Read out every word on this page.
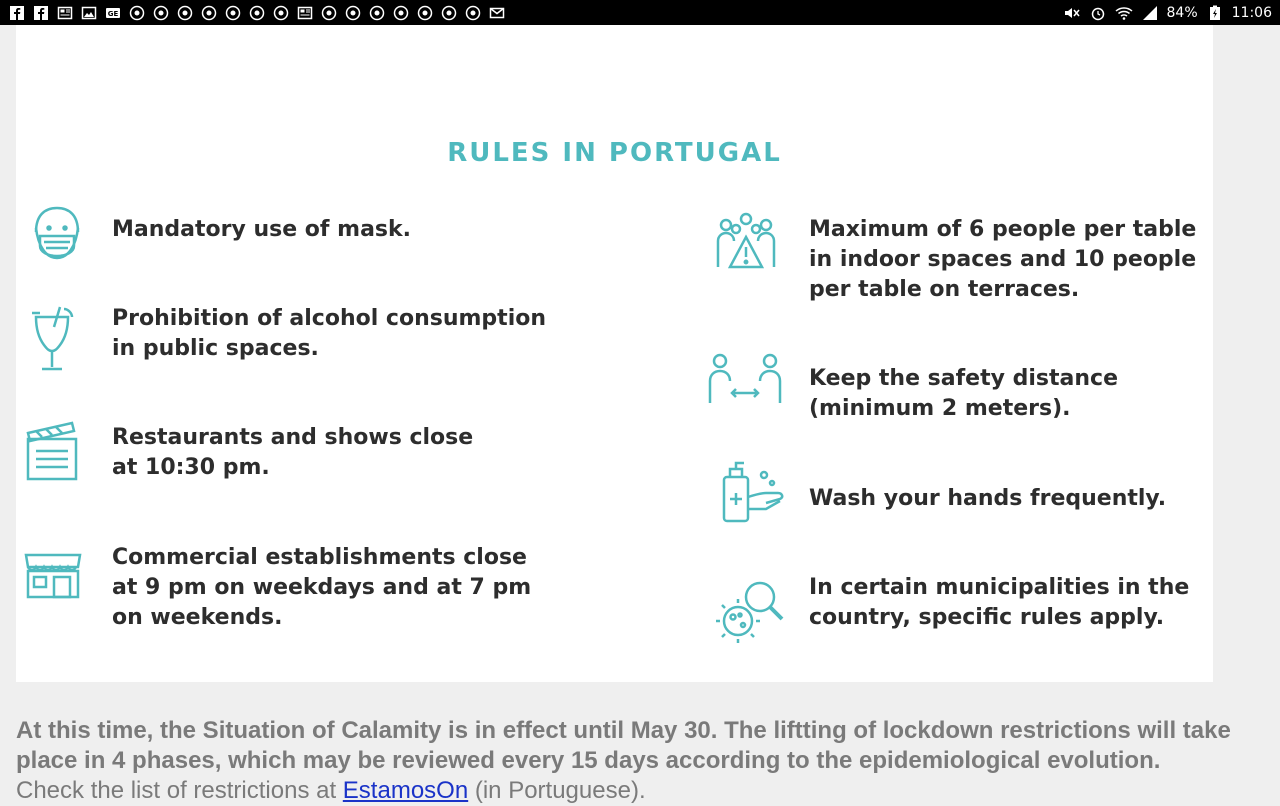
GE	84% 11:06
RULES IN PORTUGAL
Mandatory use of mask.
Prohibition of alcohol consumption
in public spaces.
Restaurants and shows close
at 10:30 pm.
Commercial establishments close
at 9 pm on weekdays and at 7 pm
on weekends.
Maximum of 6 people per table
in indoor spaces and 10 people
per table on terraces.
Keep the safety distance
(minimum 2 meters).
Wash your hands frequently.
In certain municipalities in the
country, specific rules apply.
At this time, the Situation of Calamity is in effect until May 30. The liftting of lockdown restrictions will take place in 4 phases, which may be reviewed every 15 days according to the epidemiological evolution.
Check the list of restrictions at EstamosOn (in Portuguese).
